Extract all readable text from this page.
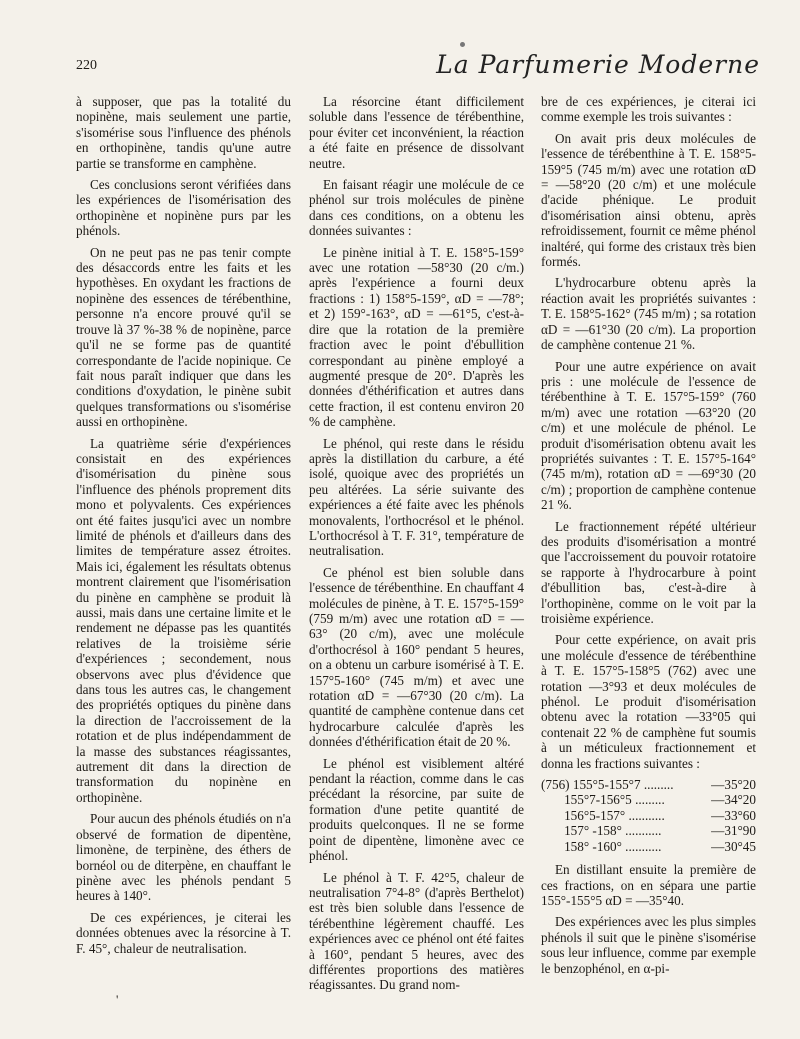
220	La Parfumerie Moderne

à supposer, que pas la totalité du nopinène, mais seulement une partie, s'isomérise sous l'influence des phénols en orthopinène, tandis qu'une autre partie se transforme en camphène.

Ces conclusions seront vérifiées dans les expériences de l'isomérisation des orthopinène et nopinène purs par les phénols.

On ne peut pas ne pas tenir compte des désaccords entre les faits et les hypothèses. En oxydant les fractions de nopinène des essences de térébenthine, personne n'a encore prouvé qu'il se trouve là 37 %-38 % de nopinène, parce qu'il ne se forme pas de quantité correspondante de l'acide nopinique. Ce fait nous paraît indiquer que dans les conditions d'oxydation, le pinène subit quelques transformations ou s'isomérise aussi en orthopinène.

La quatrième série d'expériences consistait en des expériences d'isomérisation du pinène sous l'influence des phénols proprement dits mono et polyvalents. Ces expériences ont été faites jusqu'ici avec un nombre limité de phénols et d'ailleurs dans des limites de température assez étroites. Mais ici, également les résultats obtenus montrent clairement que l'isomérisation du pinène en camphène se produit là aussi, mais dans une certaine limite et le rendement ne dépasse pas les quantités relatives de la troisième série d'expériences ; secondement, nous observons avec plus d'évidence que dans tous les autres cas, le changement des propriétés optiques du pinène dans la direction de l'accroissement de la rotation et de plus indépendamment de la masse des substances réagissantes, autrement dit dans la direction de transformation du nopinène en orthopinène.

Pour aucun des phénols étudiés on n'a observé de formation de dipentène, limonène, de terpinène, des éthers de bornéol ou de diterpène, en chauffant le pinène avec les phénols pendant 5 heures à 140°.

De ces expériences, je citerai les données obtenues avec la résorcine à T. F. 45°, chaleur de neutralisation.

La résorcine étant difficilement soluble dans l'essence de térébenthine, pour éviter cet inconvénient, la réaction a été faite en présence de dissolvant neutre.

En faisant réagir une molécule de ce phénol sur trois molécules de pinène dans ces conditions, on a obtenu les données suivantes :

Le pinène initial à T. E. 158°5-159° avec une rotation —58°30 (20 c/m.) après l'expérience a fourni deux fractions : 1) 158°5-159°, αD = —78°; et 2) 159°-163°, αD = —61°5, c'est-à-dire que la rotation de la première fraction avec le point d'ébullition correspondant au pinène employé a augmenté presque de 20°. D'après les données d'éthérification et autres dans cette fraction, il est contenu environ 20 % de camphène.

Le phénol, qui reste dans le résidu après la distillation du carbure, a été isolé, quoique avec des propriétés un peu altérées. La série suivante des expériences a été faite avec les phénols monovalents, l'orthocrésol et le phénol. L'orthocrésol à T. F. 31°, température de neutralisation.

Ce phénol est bien soluble dans l'essence de térébenthine. En chauffant 4 molécules de pinène, à T. E. 157°5-159° (759 m/m) avec une rotation αD = —63° (20 c/m), avec une molécule d'orthocrésol à 160° pendant 5 heures, on a obtenu un carbure isomérisé à T. E. 157°5-160° (745 m/m) et avec une rotation αD = —67°30 (20 c/m). La quantité de camphène contenue dans cet hydrocarbure calculée d'après les données d'éthérification était de 20 %.

Le phénol est visiblement altéré pendant la réaction, comme dans le cas précédant la résorcine, par suite de formation d'une petite quantité de produits quelconques. Il ne se forme point de dipentène, limonène avec ce phénol.

Le phénol à T. F. 42°5, chaleur de neutralisation 7°4-8° (d'après Berthelot) est très bien soluble dans l'essence de térébenthine légèrement chauffé. Les expériences avec ce phénol ont été faites à 160°, pendant 5 heures, avec des différentes proportions des matières réagissantes. Du grand nom-

bre de ces expériences, je citerai ici comme exemple les trois suivantes :

On avait pris deux molécules de l'essence de térébenthine à T. E. 158°5-159°5 (745 m/m) avec une rotation αD = —58°20 (20 c/m) et une molécule d'acide phénique. Le produit d'isomérisation ainsi obtenu, après refroidissement, fournit ce même phénol inaltéré, qui forme des cristaux très bien formés.

L'hydrocarbure obtenu après la réaction avait les propriétés suivantes : T. E. 158°5-162° (745 m/m) ; sa rotation αD = —61°30 (20 c/m). La proportion de camphène contenue 21 %.

Pour une autre expérience on avait pris : une molécule de l'essence de térébenthine à T. E. 157°5-159° (760 m/m) avec une rotation —63°20 (20 c/m) et une molécule de phénol. Le produit d'isomérisation obtenu avait les propriétés suivantes : T. E. 157°5-164° (745 m/m), rotation αD = —69°30 (20 c/m) ; proportion de camphène contenue 21 %.

Le fractionnement répété ultérieur des produits d'isomérisation a montré que l'accroissement du pouvoir rotatoire se rapporte à l'hydrocarbure à point d'ébullition bas, c'est-à-dire à l'orthopinène, comme on le voit par la troisième expérience.

Pour cette expérience, on avait pris une molécule d'essence de térébenthine à T. E. 157°5-158°5 (762) avec une rotation —3°93 et deux molécules de phénol. Le produit d'isomérisation obtenu avec la rotation —33°05 qui contenait 22 % de camphène fut soumis à un méticuleux fractionnement et donna les fractions suivantes :

(756) 155°5-155°7 .........	—35°20
155°7-156°5 .........	—34°20
156°5-157° ...........	—33°60
157° -158° ...........	—31°90
158° -160° ...........	—30°45

En distillant ensuite la première de ces fractions, on en sépara une partie 155°-155°5 αD = —35°40.

Des expériences avec les plus simples phénols il suit que le pinène s'isomérise sous leur influence, comme par exemple le benzophénol, en α-pi-

'
